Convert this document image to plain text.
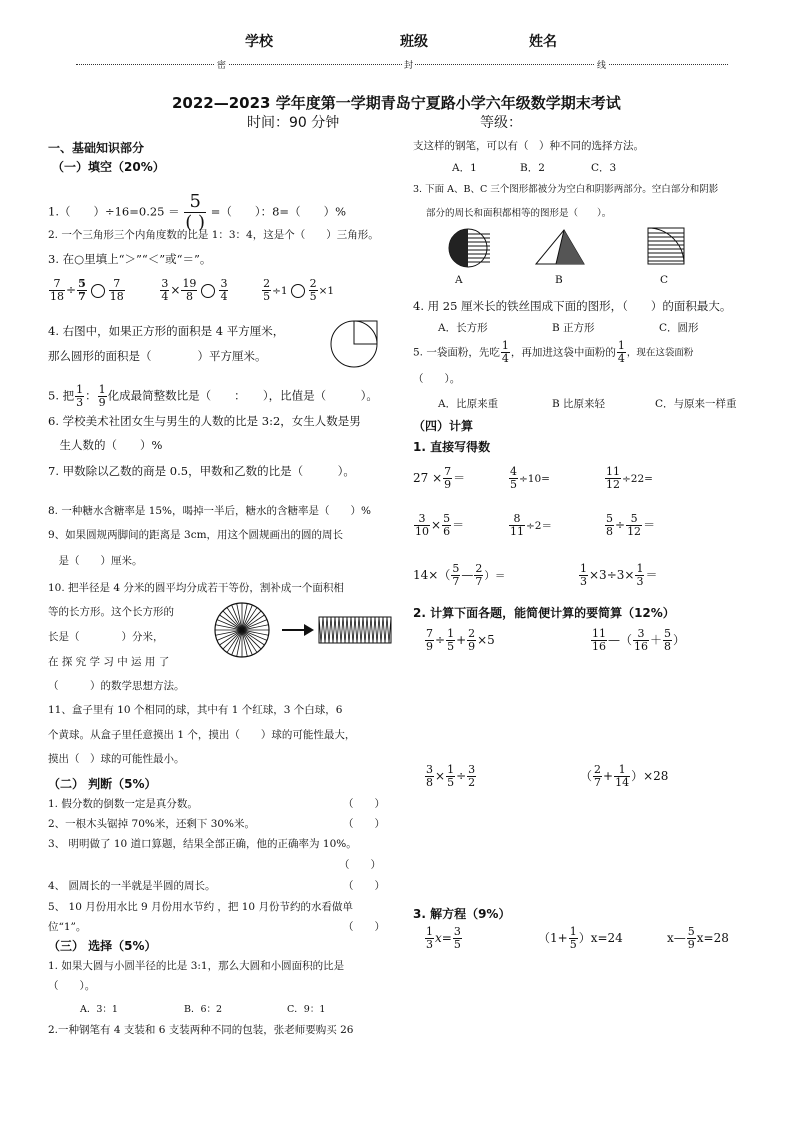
学校	班级	姓名
密	封	线
2022—2023 学年度第一学期青岛宁夏路小学六年级数学期末考试
时间：90 分钟	等级：
一、基础知识部分
（一）填空（20%）
1.（　　）$\div 16=0.25 = \frac{5}{( )}$ =（　　）：8=（　　）%
2. 一个三角形三个内角度数的比是 1：3：4，这是个（　　）三角形。
3. 在○里填上“＞”“＜”或“＝”。
$\frac{7}{18} \div \frac{5}{7} \frac{7}{18}$
	$\frac{3}{4} \times \frac{19}{8} \frac{3}{4}$
	$\frac{2}{5} \div 1 \frac{2}{5} \times 1$
4. 右图中，如果正方形的面积是 4 平方厘米，
那么圆形的面积是（　　　　）平方厘米。
5. 把 $\frac{1}{3}$ ： $\frac{1}{9}$ 化成最简整数比是（　　：　　），比值是（　　　）。
6. 学校美术社团女生与男生的人数的比是 3:2，女生人数是男
　生人数的（　　）%
7. 甲数除以乙数的商是 0.5，甲数和乙数的比是（　　　）。
8. 一种糖水含糖率是 15%，喝掉一半后，糖水的含糖率是（　　）%
9、如果圆规两脚间的距离是 3cm，用这个圆规画出的圆的周长
　是（　　）厘米。
10. 把半径是 4 分米的圆平均分成若干等份，割补成一个面积相
等的长方形。这个长方形的
长是（　　　　）分米，
在 探 究 学 习 中 运 用 了
（　　　）的数学思想方法。
11、盒子里有 10 个相同的球，其中有 1 个红球，3 个白球，6
个黄球。从盒子里任意摸出 1 个，摸出（　　）球的可能性最大，
摸出（　）球的可能性最小。
（二） 判断（5%）
1. 假分数的倒数一定是真分数。	（　　）
2、一根木头锯掉 70%米，还剩下 30%米。	（　　）
3、 明明做了 10 道口算题，结果全部正确，他的正确率为 10%。
（　　）
4、 圆周长的一半就是半圆的周长。	（　　）
5、 10 月份用水比 9 月份用水节约 ，把 10 月份节约的水看做单
位“1”。	（　　）
（三） 选择（5%）
1. 如果大圆与小圆半径的比是 3:1，那么大圆和小圆面积的比是
（　　）。
A．3：1	B．6：2	C．9：1
2.一种钢笔有 4 支装和 6 支装两种不同的包装，张老师要购买 26
支这样的钢笔，可以有（　）种不同的选择方法。
A．1	B．2	C．3
3. 下面 A、B、C 三个图形都被分为空白和阴影两部分。空白部分和阴影
部分的周长和面积都相等的图形是（　　）。
A	B	C
4. 用 25 厘米长的铁丝围成下面的图形，（　　）的面积最大。
A．长方形	B 正方形	C．圆形
5. 一袋面粉，先吃 $\frac{1}{4}$ ，再加进这袋中面粉的 $\frac{1}{4}$ ，现在这袋面粉
（　　）。
A．比原来重	B 比原来轻	C．与原来一样重
（四）计算
1. 直接写得数
$27 \times \frac{7}{9}$ ＝	$\frac{4}{5} \div 10=$	$\frac{11}{12} \div 22=$
$\frac{3}{10} \times \frac{5}{6}$ ＝	$\frac{8}{11} \div 2=$	$\frac{5}{8} \div \frac{5}{12}$ ＝
$14\times( \frac{5}{7}$ — $\frac{2}{7}$ ）＝	$\frac{1}{3} \times 3\div 3\times \frac{1}{3}$ ＝
2. 计算下面各题，能简便计算的要简算（12%）
$\frac{7}{9} \div \frac{1}{5} + \frac{2}{9} \times 5$	$\frac{11}{16}$ —（ $\frac{3}{16} + \frac{5}{8}$ ）
$\frac{3}{8} \times \frac{1}{5} \div \frac{3}{2}$	（ $\frac{2}{7} + \frac{1}{14} )\times 28$
3. 解方程（9%）
$\frac{1}{3} x= \frac{3}{5}$	$(1+ \frac{1}{5} )x=24$	x— $\frac{5}{9} x=28$
